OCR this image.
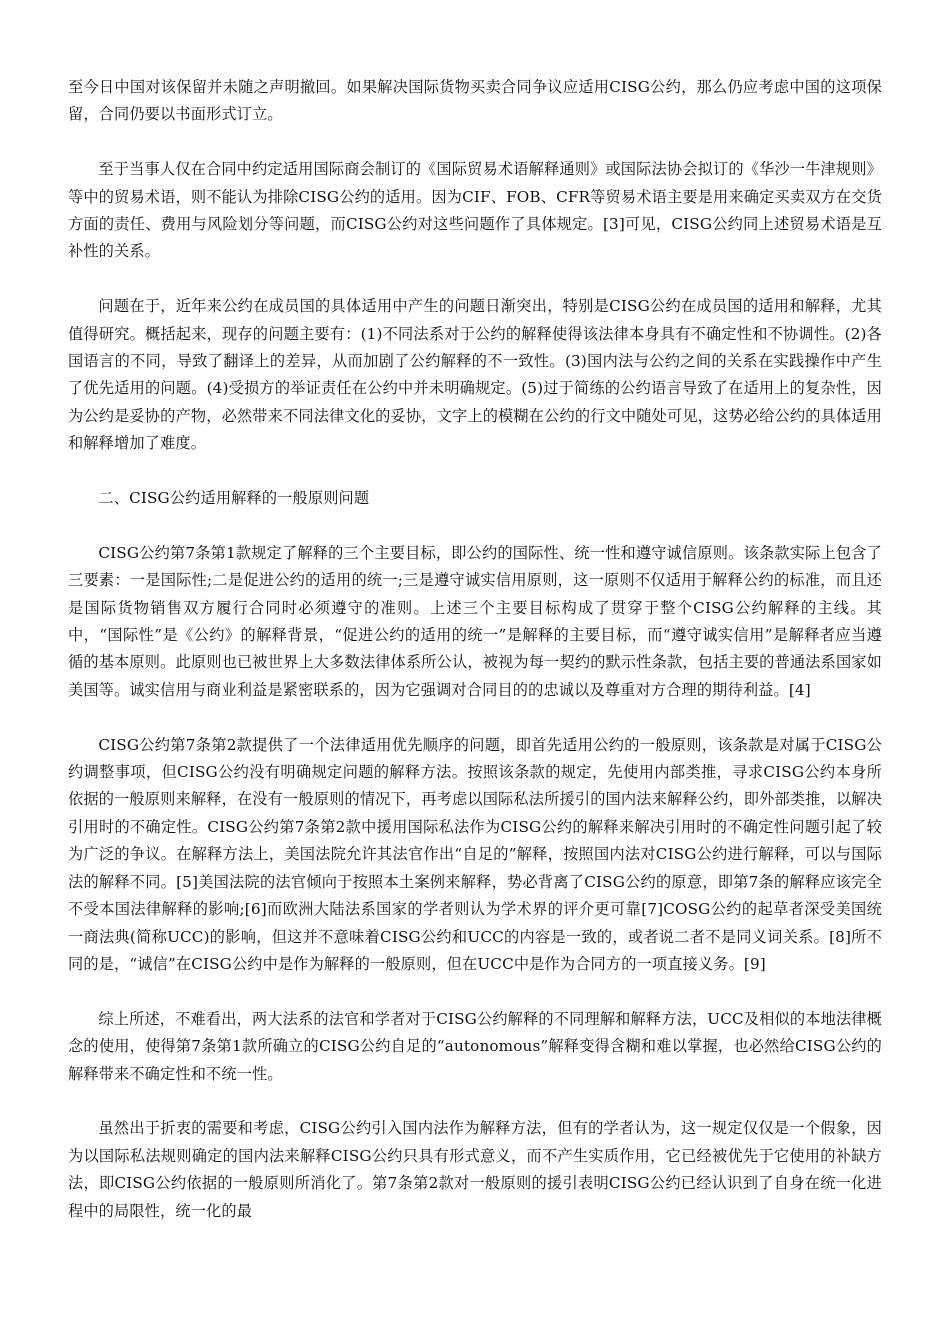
至今日中国对该保留并未随之声明撤回。如果解决国际货物买卖合同争议应适用CISG公约，那么仍应考虑中国的这项保留，合同仍要以书面形式订立。

至于当事人仅在合同中约定适用国际商会制订的《国际贸易术语解释通则》或国际法协会拟订的《华沙一牛津规则》等中的贸易术语，则不能认为排除CISG公约的适用。因为CIF、FOB、CFR等贸易术语主要是用来确定买卖双方在交货方面的责任、费用与风险划分等问题，而CISG公约对这些问题作了具体规定。[3]可见，CISG公约同上述贸易术语是互补性的关系。

问题在于，近年来公约在成员国的具体适用中产生的问题日渐突出，特别是CISG公约在成员国的适用和解释，尤其值得研究。概括起来，现存的问题主要有：(1)不同法系对于公约的解释使得该法律本身具有不确定性和不协调性。(2)各国语言的不同，导致了翻译上的差异，从而加剧了公约解释的不一致性。(3)国内法与公约之间的关系在实践操作中产生了优先适用的问题。(4)受损方的举证责任在公约中并未明确规定。(5)过于简练的公约语言导致了在适用上的复杂性，因为公约是妥协的产物，必然带来不同法律文化的妥协，文字上的模糊在公约的行文中随处可见，这势必给公约的具体适用和解释增加了难度。

二、CISG公约适用解释的一般原则问题

CISG公约第7条第1款规定了解释的三个主要目标，即公约的国际性、统一性和遵守诚信原则。该条款实际上包含了三要素：一是国际性;二是促进公约的适用的统一;三是遵守诚实信用原则，这一原则不仅适用于解释公约的标准，而且还是国际货物销售双方履行合同时必须遵守的准则。上述三个主要目标构成了贯穿于整个CISG公约解释的主线。其中，“国际性”是《公约》的解释背景，“促进公约的适用的统一”是解释的主要目标，而“遵守诚实信用”是解释者应当遵循的基本原则。此原则也已被世界上大多数法律体系所公认，被视为每一契约的默示性条款，包括主要的普通法系国家如美国等。诚实信用与商业利益是紧密联系的，因为它强调对合同目的的忠诚以及尊重对方合理的期待利益。[4]

CISG公约第7条第2款提供了一个法律适用优先顺序的问题，即首先适用公约的一般原则，该条款是对属于CISG公约调整事项，但CISG公约没有明确规定问题的解释方法。按照该条款的规定，先使用内部类推，寻求CISG公约本身所依据的一般原则来解释，在没有一般原则的情况下，再考虑以国际私法所援引的国内法来解释公约，即外部类推，以解决引用时的不确定性。CISG公约第7条第2款中援用国际私法作为CISG公约的解释来解决引用时的不确定性问题引起了较为广泛的争议。在解释方法上，美国法院允许其法官作出“自足的”解释，按照国内法对CISG公约进行解释，可以与国际法的解释不同。[5]美国法院的法官倾向于按照本土案例来解释，势必背离了CISG公约的原意，即第7条的解释应该完全不受本国法律解释的影响;[6]而欧洲大陆法系国家的学者则认为学术界的评介更可靠[7]COSG公约的起草者深受美国统一商法典(简称UCC)的影响，但这并不意味着CISG公约和UCC的内容是一致的，或者说二者不是同义词关系。[8]所不同的是，“诚信”在CISG公约中是作为解释的一般原则，但在UCC中是作为合同方的一项直接义务。[9]

综上所述，不难看出，两大法系的法官和学者对于CISG公约解释的不同理解和解释方法，UCC及相似的本地法律概念的使用，使得第7条第1款所确立的CISG公约自足的“autonomous”解释变得含糊和难以掌握，也必然给CISG公约的解释带来不确定性和不统一性。

虽然出于折衷的需要和考虑，CISG公约引入国内法作为解释方法，但有的学者认为，这一规定仅仅是一个假象，因为以国际私法规则确定的国内法来解释CISG公约只具有形式意义，而不产生实质作用，它已经被优先于它使用的补缺方法，即CISG公约依据的一般原则所消化了。第7条第2款对一般原则的援引表明CISG公约已经认识到了自身在统一化进程中的局限性，统一化的最
